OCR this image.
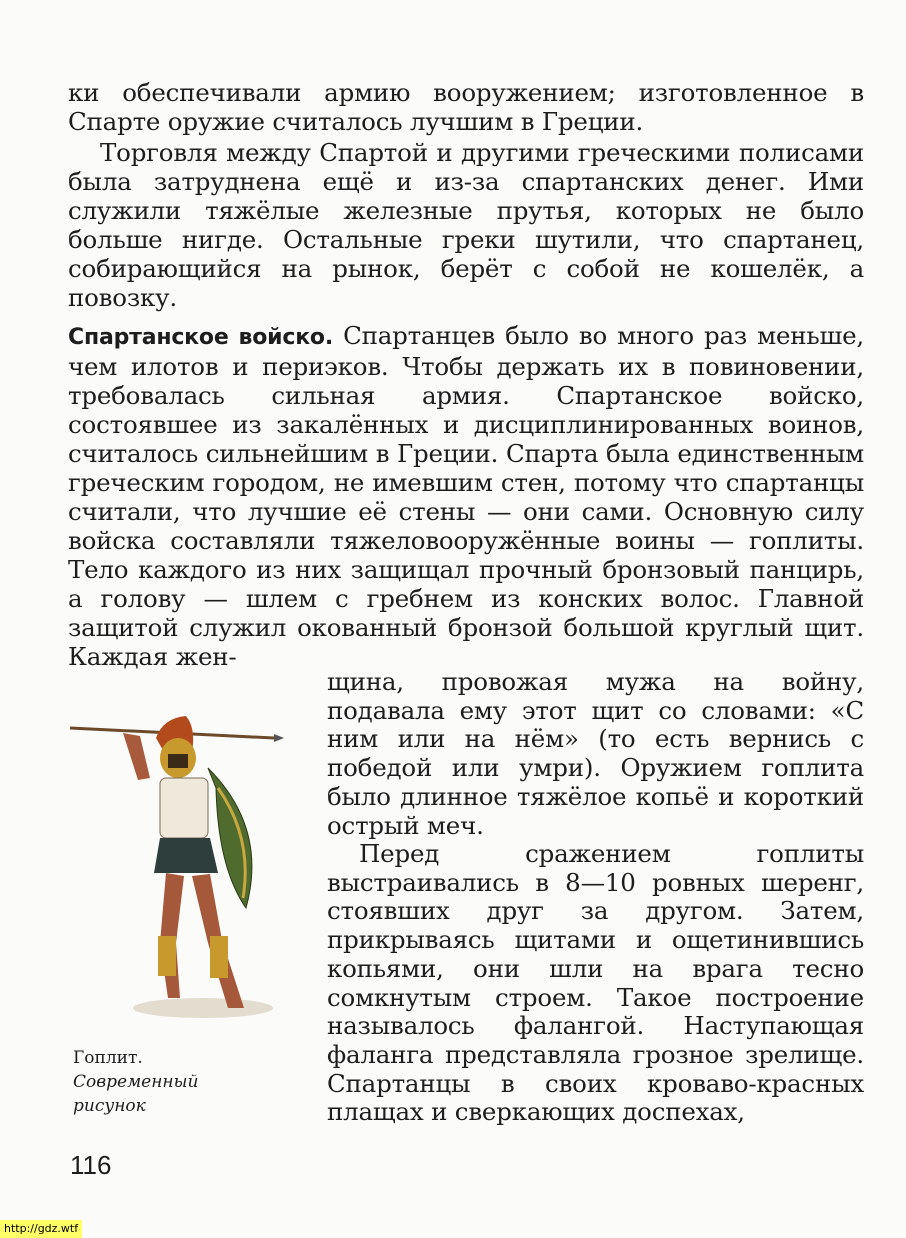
ки обеспечивали армию вооружением; изготовленное в Спарте оружие считалось лучшим в Греции.

Торговля между Спартой и другими греческими полисами была затруднена ещё и из-за спартанских денег. Ими служили тяжёлые железные прутья, которых не было больше нигде. Остальные греки шутили, что спартанец, собирающийся на рынок, берёт с собой не кошелёк, а повозку.

Спартанское войско. Спартанцев было во много раз меньше, чем илотов и периэков. Чтобы держать их в повиновении, требовалась сильная армия. Спартанское войско, состоявшее из закалённых и дисциплинированных воинов, считалось сильнейшим в Греции. Спарта была единственным греческим городом, не имевшим стен, потому что спартанцы считали, что лучшие её стены — они сами. Основную силу войска составляли тяжеловооружённые воины — гоплиты. Тело каждого из них защищал прочный бронзовый панцирь, а голову — шлем с гребнем из конских волос. Главной защитой служил окованный бронзой большой круглый щит. Каждая жен-

щина, провожая мужа на войну, подавала ему этот щит со словами: «С ним или на нём» (то есть вернись с победой или умри). Оружием гоплита было длинное тяжёлое копьё и короткий острый меч.

Перед сражением гоплиты выстраивались в 8—10 ровных шеренг, стоявших друг за другом. Затем, прикрываясь щитами и ощетинившись копьями, они шли на врага тесно сомкнутым строем. Такое построение называлось фалангой. Наступающая фаланга представляла грозное зрелище. Спартанцы в своих кроваво-красных плащах и сверкающих доспехах,

Гоплит.
Современный
рисунок
116
http://gdz.wtf
